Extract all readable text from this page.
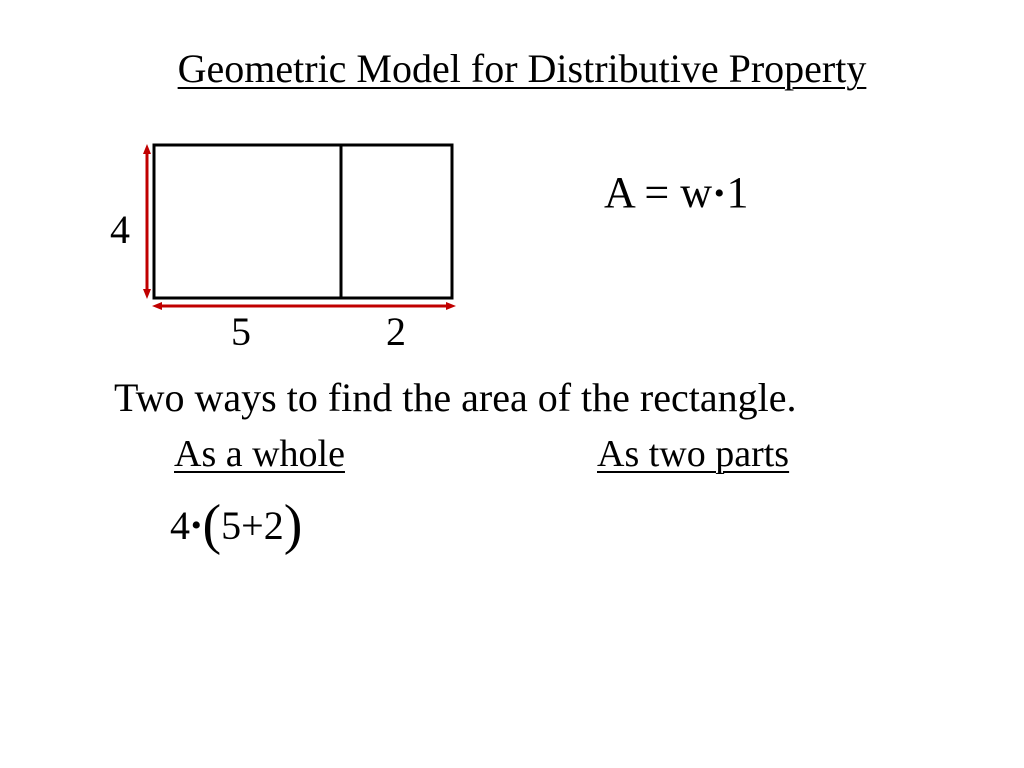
Geometric Model for Distributive Property
A = w•1
4
5	2
Two ways to find the area of the rectangle.
As a whole	As two parts
4•(5+2)
